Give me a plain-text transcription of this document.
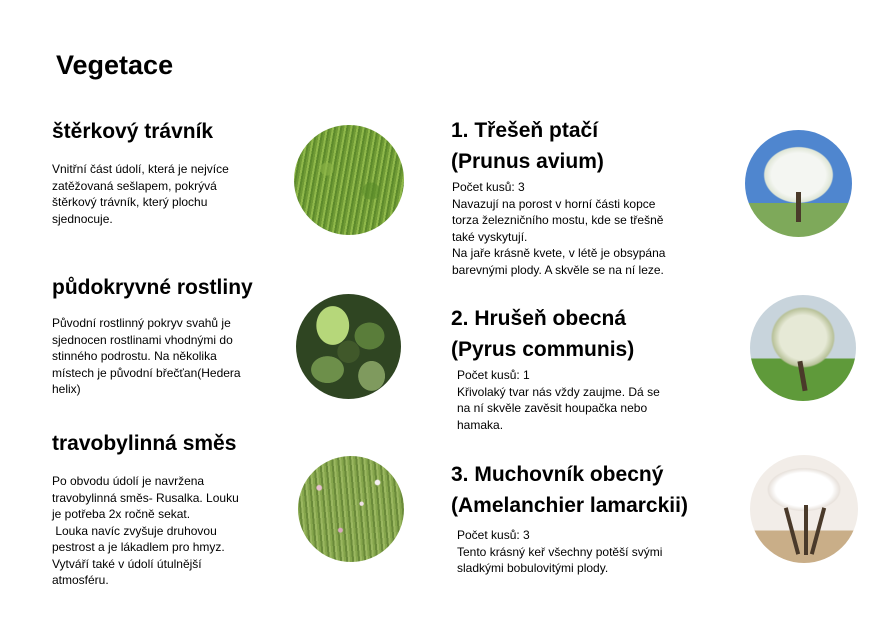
Vegetace
štěrkový trávník
Vnitřní část údolí, která je nejvíce
zatěžovaná sešlapem, pokrývá
štěrkový trávník, který plochu
sjednocuje.
půdokryvné rostliny
Původní rostlinný pokryv svahů je
sjednocen rostlinami vhodnými do
stinného podrostu. Na několika
místech je původní břečťan(Hedera
helix)
travobylinná směs
Po obvodu údolí je navržena
travobylinná směs- Rusalka. Louku
je potřeba 2x ročně sekat.
Louka navíc zvyšuje druhovou
pestrost a je lákadlem pro hmyz.
Vytváří také v údolí útulnější
atmosféru.
1. Třešeň ptačí
(Prunus avium)
Počet kusů: 3
Navazují na porost v horní části kopce
torza železničního mostu, kde se třešně
také vyskytují.
Na jaře krásně kvete, v létě je obsypána
barevnými plody. A skvěle se na ní leze.
2. Hrušeň obecná
(Pyrus communis)
Počet kusů: 1
Křivolaký tvar nás vždy zaujme. Dá se
na ní skvěle zavěsit houpačka nebo
hamaka.
3. Muchovník obecný
(Amelanchier lamarckii)
Počet kusů: 3
Tento krásný keř všechny potěší svými
sladkými bobulovitými plody.
